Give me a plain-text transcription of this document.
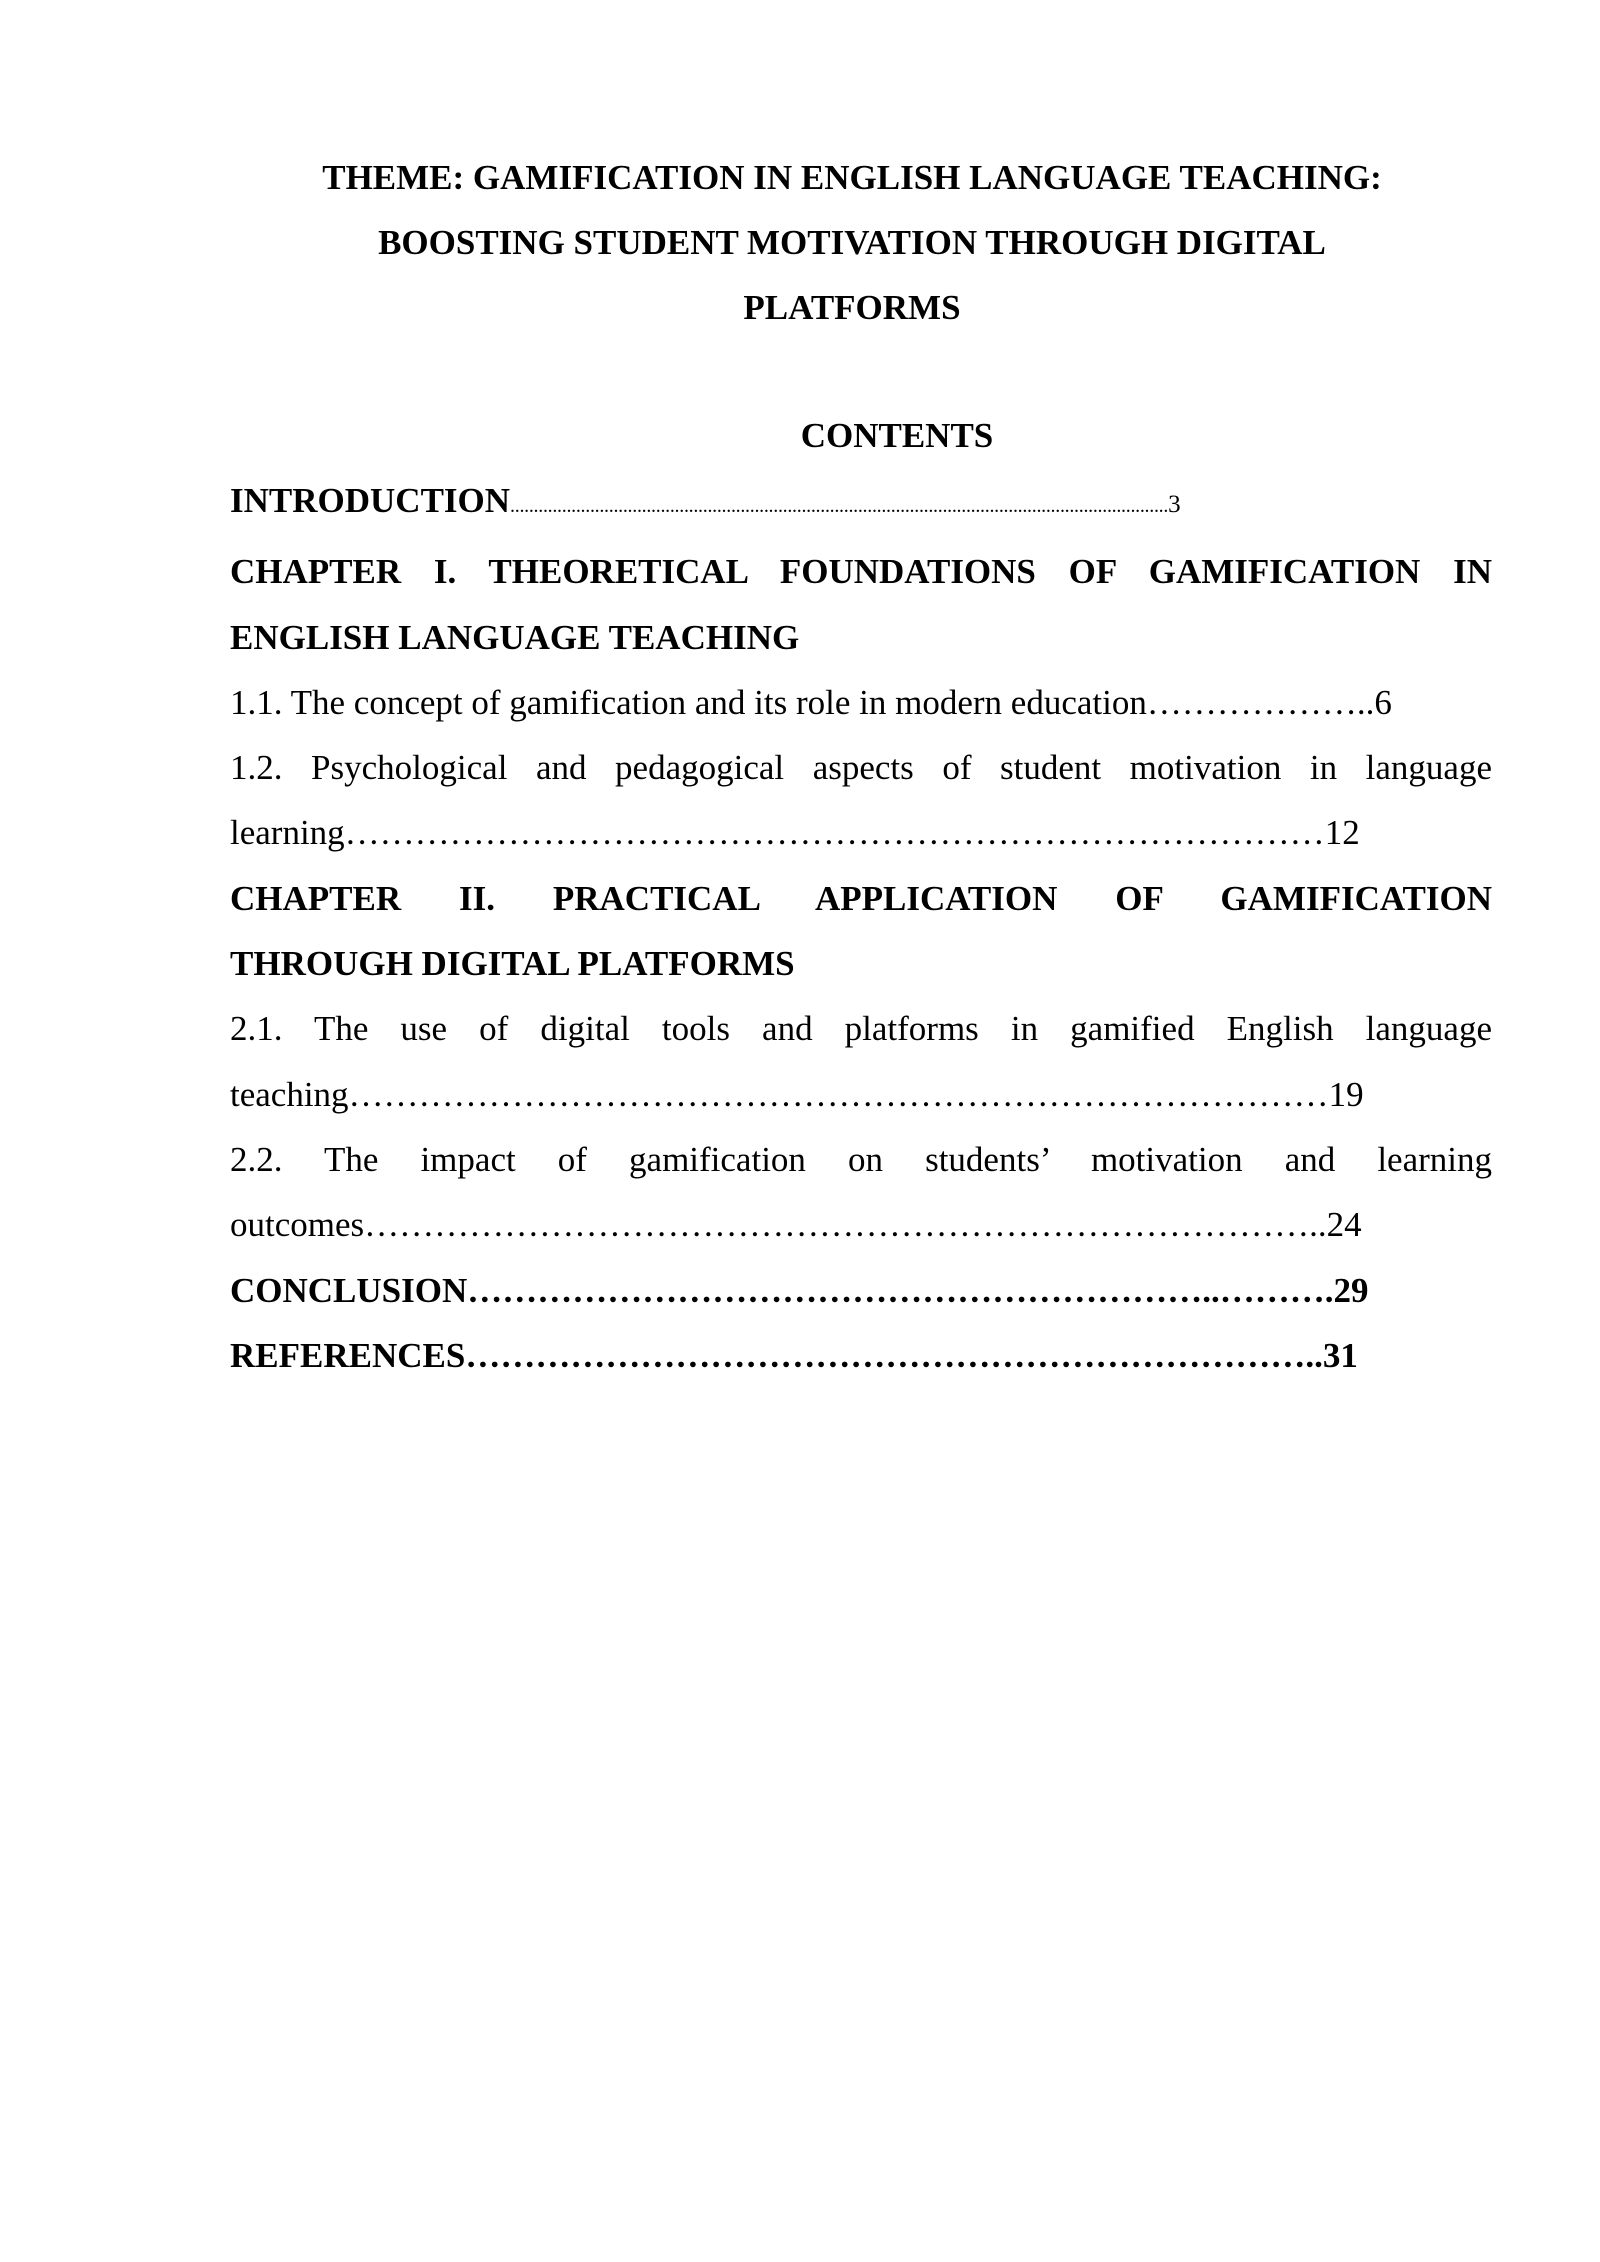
THEME: GAMIFICATION IN ENGLISH LANGUAGE TEACHING:
BOOSTING STUDENT MOTIVATION THROUGH DIGITAL
PLATFORMS
CONTENTS
INTRODUCTION............................................................................................................................................3
CHAPTER I. THEORETICAL FOUNDATIONS OF GAMIFICATION IN
ENGLISH LANGUAGE TEACHING
1.1. The concept of gamification and its role in modern education………………..6
1.2. Psychological and pedagogical aspects of student motivation in language
learning…………………………………………………………………………12
CHAPTER II. PRACTICAL APPLICATION OF GAMIFICATION
THROUGH DIGITAL PLATFORMS
2.1. The use of digital tools and platforms in gamified English language
teaching…………………………………………………………………………19
2.2. The impact of gamification on students’ motivation and learning
outcomes………………………………………………………………………..24
CONCLUSION………………………………………………………..……….29
REFERENCES………………………………………………………………..31
